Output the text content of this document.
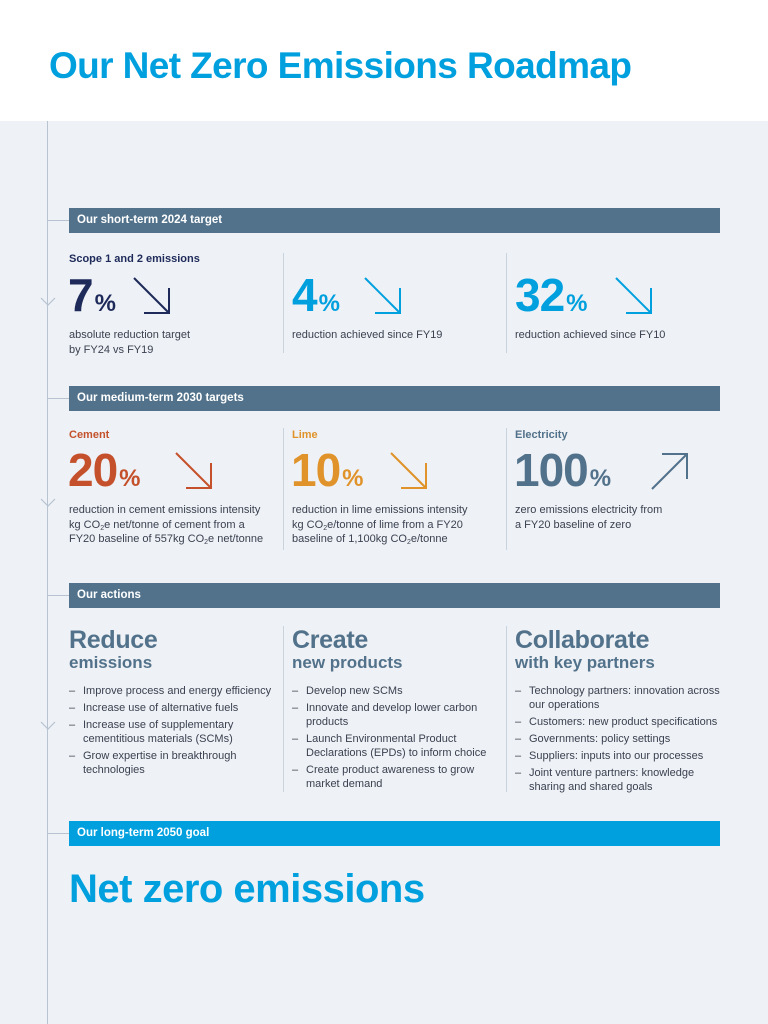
Our Net Zero Emissions Roadmap
Our short-term 2024 target
Scope 1 and 2 emissions
7%
absolute reduction target
by FY24 vs FY19
4%
reduction achieved since FY19
32%
reduction achieved since FY10
Our medium-term 2030 targets
Cement
20%
reduction in cement emissions intensity
kg $CO_2e$ net/tonne of cement from a
FY20 baseline of 557kg $CO_2e$ net/tonne
Lime
10%
reduction in lime emissions intensity
kg $CO_2e$/tonne of lime from a FY20
baseline of 1,100kg $CO_2e$/tonne
Electricity
100%
zero emissions electricity from
a FY20 baseline of zero
Our actions
Reduce
emissions
– Improve process and energy efficiency
– Increase use of alternative fuels
– Increase use of supplementary cementitious materials (SCMs)
– Grow expertise in breakthrough technologies
Create
new products
– Develop new SCMs
– Innovate and develop lower carbon products
– Launch Environmental Product Declarations (EPDs) to inform choice
– Create product awareness to grow market demand
Collaborate
with key partners
– Technology partners: innovation across our operations
– Customers: new product specifications
– Governments: policy settings
– Suppliers: inputs into our processes
– Joint venture partners: knowledge sharing and shared goals
Our long-term 2050 goal
Net zero emissions
